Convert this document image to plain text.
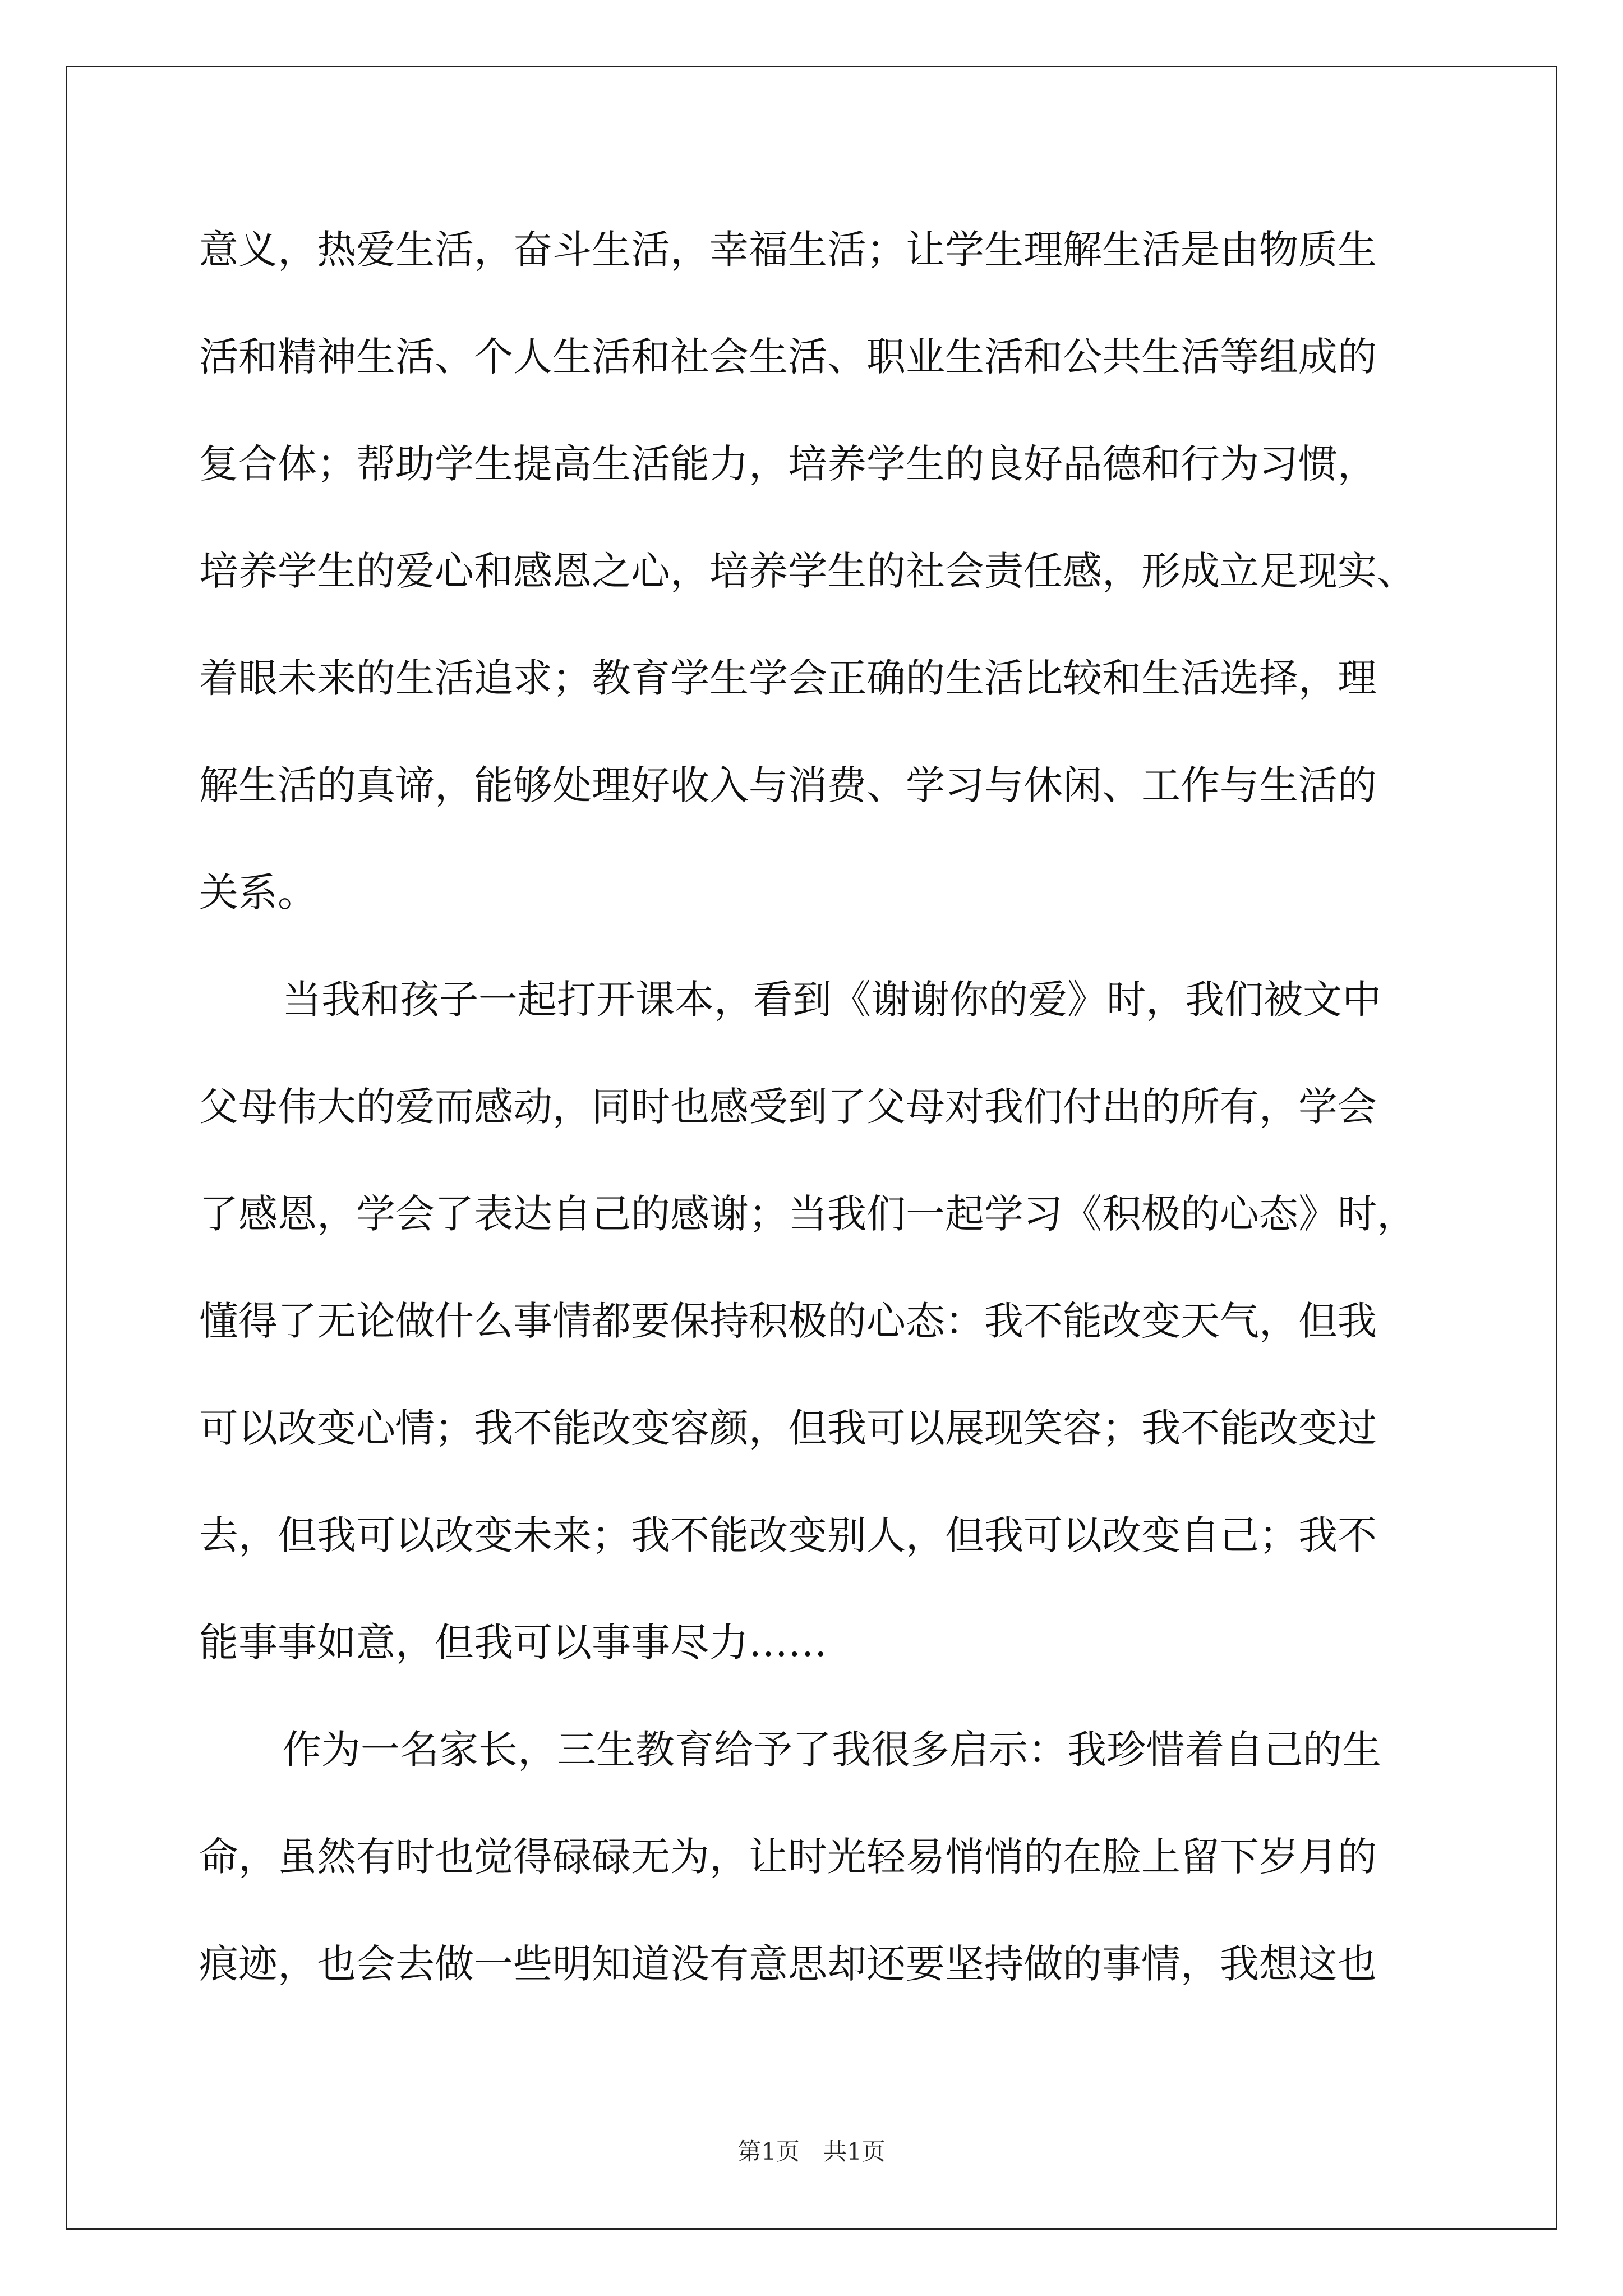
意义，热爱生活，奋斗生活，幸福生活；让学生理解生活是由物质生
活和精神生活、个人生活和社会生活、职业生活和公共生活等组成的
复合体；帮助学生提高生活能力，培养学生的良好品德和行为习惯，
培养学生的爱心和感恩之心，培养学生的社会责任感，形成立足现实、
着眼未来的生活追求；教育学生学会正确的生活比较和生活选择，理
解生活的真谛，能够处理好收入与消费、学习与休闲、工作与生活的
关系。
当我和孩子一起打开课本，看到《谢谢你的爱》时，我们被文中
父母伟大的爱而感动，同时也感受到了父母对我们付出的所有，学会
了感恩，学会了表达自己的感谢；当我们一起学习《积极的心态》时，
懂得了无论做什么事情都要保持积极的心态：我不能改变天气，但我
可以改变心情；我不能改变容颜，但我可以展现笑容；我不能改变过
去，但我可以改变未来；我不能改变别人，但我可以改变自己；我不
能事事如意，但我可以事事尽力……
作为一名家长，三生教育给予了我很多启示：我珍惜着自己的生
命，虽然有时也觉得碌碌无为，让时光轻易悄悄的在脸上留下岁月的
痕迹，也会去做一些明知道没有意思却还要坚持做的事情，我想这也
第1页　共1页
